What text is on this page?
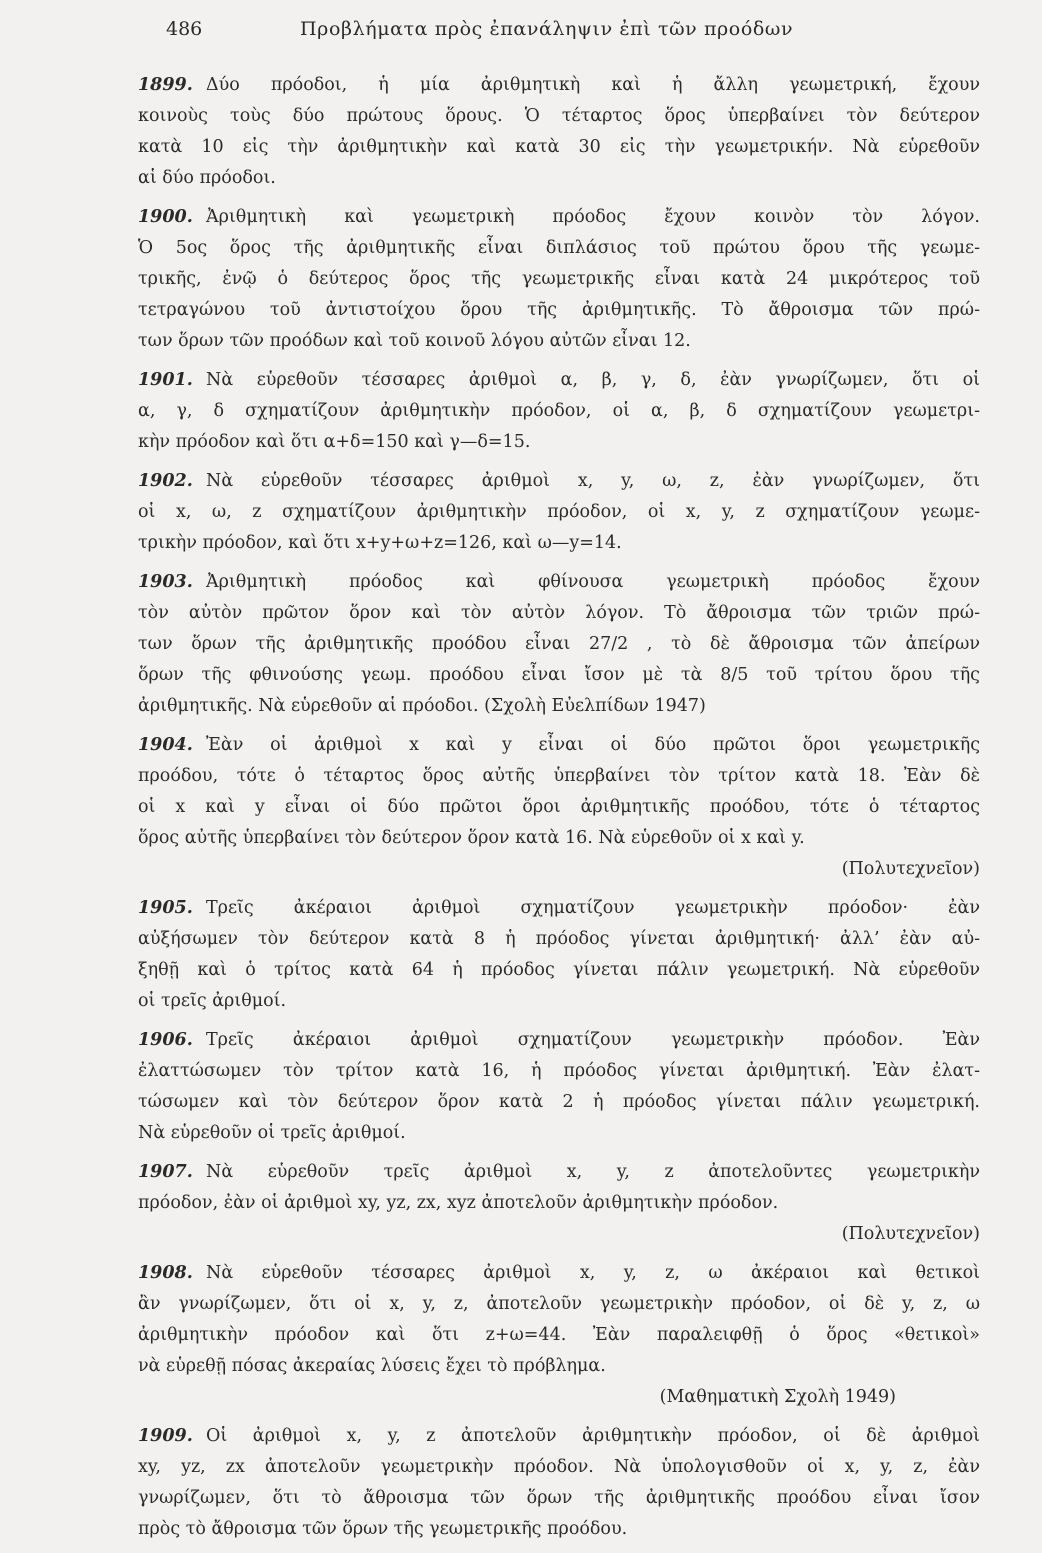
486	Προβλήματα πρὸς ἐπανάληψιν ἐπὶ τῶν προόδων
1899. Δύο πρόοδοι, ἡ μία ἀριθμητικὴ καὶ ἡ ἄλλη γεωμετρική, ἔχουν
κοινοὺς τοὺς δύο πρώτους ὅρους. Ὁ τέταρτος ὅρος ὑπερβαίνει τὸν δεύτερον
κατὰ 10 εἰς τὴν ἀριθμητικὴν καὶ κατὰ 30 εἰς τὴν γεωμετρικήν. Νὰ εὑρεθοῦν
αἱ δύο πρόοδοι.
1900. Ἀριθμητικὴ καὶ γεωμετρικὴ πρόοδος ἔχουν κοινὸν τὸν λόγον.
Ὁ 5ος ὅρος τῆς ἀριθμητικῆς εἶναι διπλάσιος τοῦ πρώτου ὅρου τῆς γεωμε-
τρικῆς, ἐνῷ ὁ δεύτερος ὅρος τῆς γεωμετρικῆς εἶναι κατὰ 24 μικρότερος τοῦ
τετραγώνου τοῦ ἀντιστοίχου ὅρου τῆς ἀριθμητικῆς. Τὸ ἄθροισμα τῶν πρώ-
των ὅρων τῶν προόδων καὶ τοῦ κοινοῦ λόγου αὐτῶν εἶναι 12.
1901. Νὰ εὑρεθοῦν τέσσαρες ἀριθμοὶ α, β, γ, δ, ἐὰν γνωρίζωμεν, ὅτι οἱ
α, γ, δ σχηματίζουν ἀριθμητικὴν πρόοδον, οἱ α, β, δ σχηματίζουν γεωμετρι-
κὴν πρόοδον καὶ ὅτι α+δ=150 καὶ γ—δ=15.
1902. Νὰ εὑρεθοῦν τέσσαρες ἀριθμοὶ x, y, ω, z, ἐὰν γνωρίζωμεν, ὅτι
οἱ x, ω, z σχηματίζουν ἀριθμητικὴν πρόοδον, οἱ x, y, z σχηματίζουν γεωμε-
τρικὴν πρόοδον, καὶ ὅτι x+y+ω+z=126, καὶ ω—y=14.
1903. Ἀριθμητικὴ πρόοδος καὶ φθίνουσα γεωμετρικὴ πρόοδος ἔχουν
τὸν αὐτὸν πρῶτον ὅρον καὶ τὸν αὐτὸν λόγον. Τὸ ἄθροισμα τῶν τριῶν πρώ-
των ὅρων τῆς ἀριθμητικῆς προόδου εἶναι 27/2 , τὸ δὲ ἄθροισμα τῶν ἀπείρων
ὅρων τῆς φθινούσης γεωμ. προόδου εἶναι ἴσον μὲ τὰ 8/5 τοῦ τρίτου ὅρου τῆς
ἀριθμητικῆς. Νὰ εὑρεθοῦν αἱ πρόοδοι. (Σχολὴ Εὐελπίδων 1947)
1904. Ἐὰν οἱ ἀριθμοὶ x καὶ y εἶναι οἱ δύο πρῶτοι ὅροι γεωμετρικῆς
προόδου, τότε ὁ τέταρτος ὅρος αὐτῆς ὑπερβαίνει τὸν τρίτον κατὰ 18. Ἐὰν δὲ
οἱ x καὶ y εἶναι οἱ δύο πρῶτοι ὅροι ἀριθμητικῆς προόδου, τότε ὁ τέταρτος
ὅρος αὐτῆς ὑπερβαίνει τὸν δεύτερον ὅρον κατὰ 16. Νὰ εὑρεθοῦν οἱ x καὶ y.
(Πολυτεχνεῖον)
1905. Τρεῖς ἀκέραιοι ἀριθμοὶ σχηματίζουν γεωμετρικὴν πρόοδον· ἐὰν
αὐξήσωμεν τὸν δεύτερον κατὰ 8 ἡ πρόοδος γίνεται ἀριθμητική· ἀλλ’ ἐὰν αὐ-
ξηθῇ καὶ ὁ τρίτος κατὰ 64 ἡ πρόοδος γίνεται πάλιν γεωμετρική. Νὰ εὑρεθοῦν
οἱ τρεῖς ἀριθμοί.
1906. Τρεῖς ἀκέραιοι ἀριθμοὶ σχηματίζουν γεωμετρικὴν πρόοδον. Ἐὰν
ἐλαττώσωμεν τὸν τρίτον κατὰ 16, ἡ πρόοδος γίνεται ἀριθμητική. Ἐὰν ἐλατ-
τώσωμεν καὶ τὸν δεύτερον ὅρον κατὰ 2 ἡ πρόοδος γίνεται πάλιν γεωμετρική.
Νὰ εὑρεθοῦν οἱ τρεῖς ἀριθμοί.
1907. Νὰ εὑρεθοῦν τρεῖς ἀριθμοὶ x, y, z ἀποτελοῦντες γεωμετρικὴν
πρόοδον, ἐὰν οἱ ἀριθμοὶ xy, yz, zx, xyz ἀποτελοῦν ἀριθμητικὴν πρόοδον.
(Πολυτεχνεῖον)
1908. Νὰ εὑρεθοῦν τέσσαρες ἀριθμοὶ x, y, z, ω ἀκέραιοι καὶ θετικοὶ
ἂν γνωρίζωμεν, ὅτι οἱ x, y, z, ἀποτελοῦν γεωμετρικὴν πρόοδον, οἱ δὲ y, z, ω
ἀριθμητικὴν πρόοδον καὶ ὅτι z+ω=44. Ἐὰν παραλειφθῇ ὁ ὅρος «θετικοὶ»
νὰ εὑρεθῇ πόσας ἀκεραίας λύσεις ἔχει τὸ πρόβλημα.
(Μαθηματικὴ Σχολὴ 1949)
1909. Οἱ ἀριθμοὶ x, y, z ἀποτελοῦν ἀριθμητικὴν πρόοδον, οἱ δὲ ἀριθμοὶ
xy, yz, zx ἀποτελοῦν γεωμετρικὴν πρόοδον. Νὰ ὑπολογισθοῦν οἱ x, y, z, ἐὰν
γνωρίζωμεν, ὅτι τὸ ἄθροισμα τῶν ὅρων τῆς ἀριθμητικῆς προόδου εἶναι ἴσον
πρὸς τὸ ἄθροισμα τῶν ὅρων τῆς γεωμετρικῆς προόδου.
